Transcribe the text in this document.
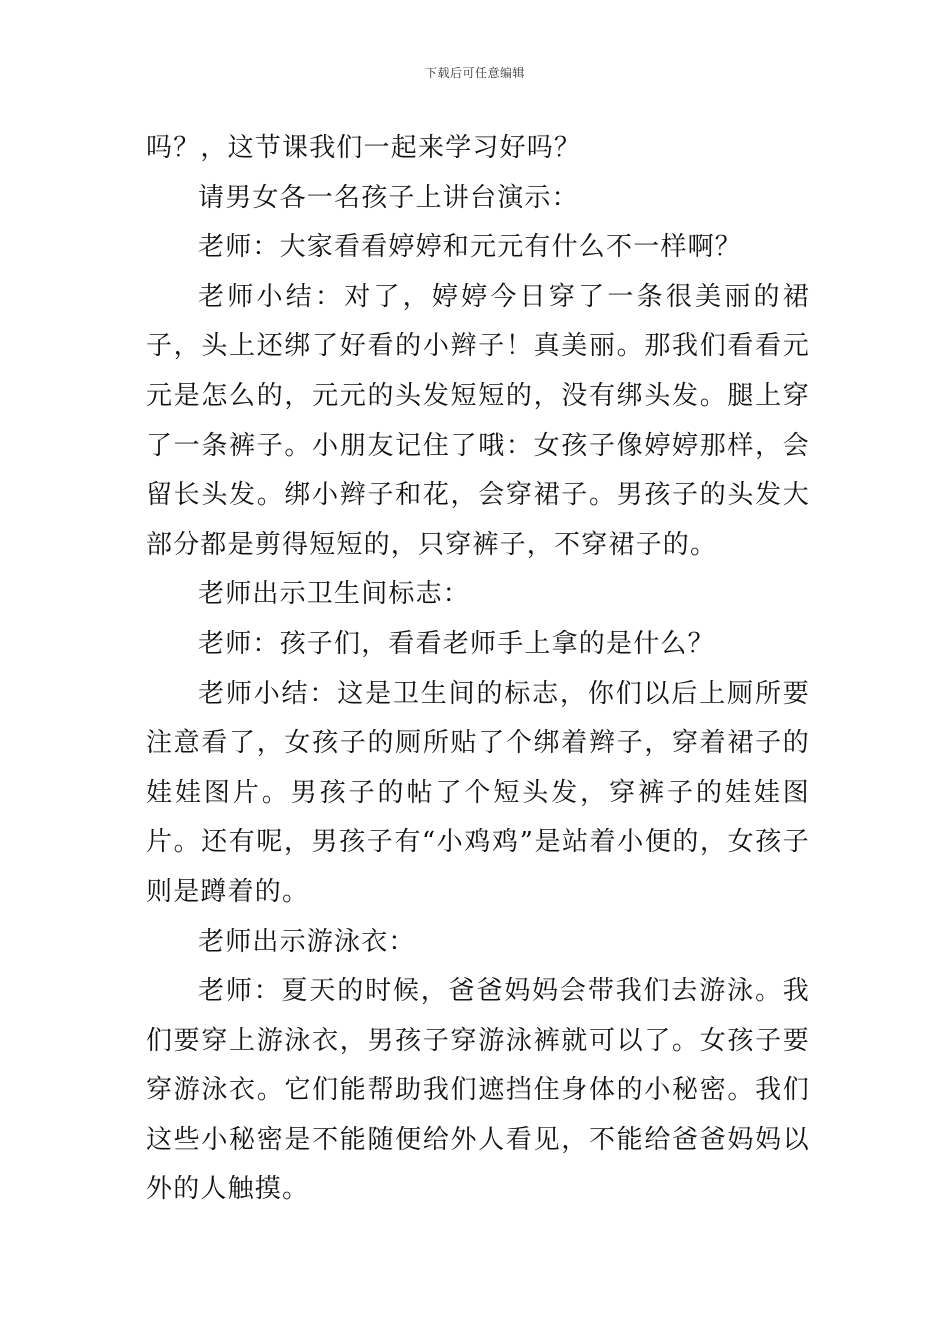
下载后可任意编辑

吗？，这节课我们一起来学习好吗？

请男女各一名孩子上讲台演示：

老师：大家看看婷婷和元元有什么不一样啊？

老师小结：对了，婷婷今日穿了一条很美丽的裙子，头上还绑了好看的小辫子！真美丽。那我们看看元元是怎么的，元元的头发短短的，没有绑头发。腿上穿了一条裤子。小朋友记住了哦：女孩子像婷婷那样，会留长头发。绑小辫子和花，会穿裙子。男孩子的头发大部分都是剪得短短的，只穿裤子，不穿裙子的。

老师出示卫生间标志：

老师：孩子们，看看老师手上拿的是什么？

老师小结：这是卫生间的标志，你们以后上厕所要注意看了，女孩子的厕所贴了个绑着辫子，穿着裙子的娃娃图片。男孩子的帖了个短头发，穿裤子的娃娃图片。还有呢，男孩子有“小鸡鸡”是站着小便的，女孩子则是蹲着的。

老师出示游泳衣：

老师：夏天的时候，爸爸妈妈会带我们去游泳。我们要穿上游泳衣，男孩子穿游泳裤就可以了。女孩子要穿游泳衣。它们能帮助我们遮挡住身体的小秘密。我们这些小秘密是不能随便给外人看见，不能给爸爸妈妈以外的人触摸。
